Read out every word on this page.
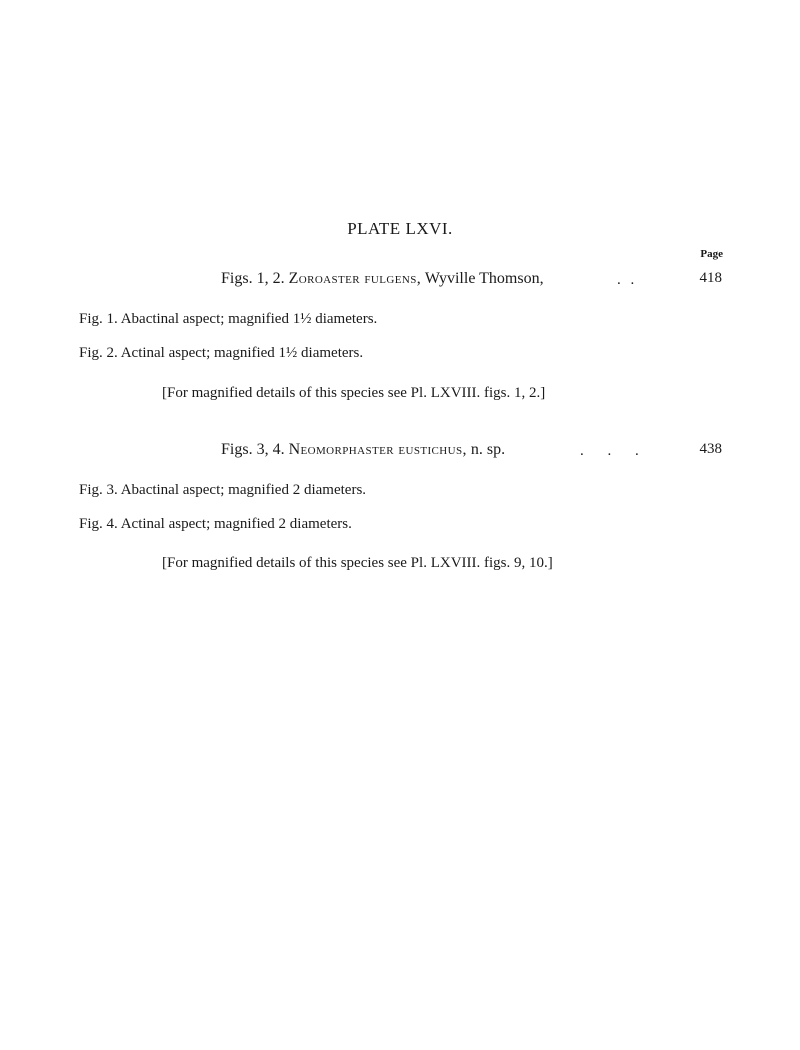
PLATE LXVI.
Page
Figs. 1, 2. Zoroaster fulgens, Wyville Thomson,	. .	418
Fig. 1. Abactinal aspect; magnified 1½ diameters.
Fig. 2. Actinal aspect; magnified 1½ diameters.
[For magnified details of this species see Pl. LXVIII. figs. 1, 2.]
Figs. 3, 4. Neomorphaster eustichus, n. sp.	. . .	438
Fig. 3. Abactinal aspect; magnified 2 diameters.
Fig. 4. Actinal aspect; magnified 2 diameters.
[For magnified details of this species see Pl. LXVIII. figs. 9, 10.]
